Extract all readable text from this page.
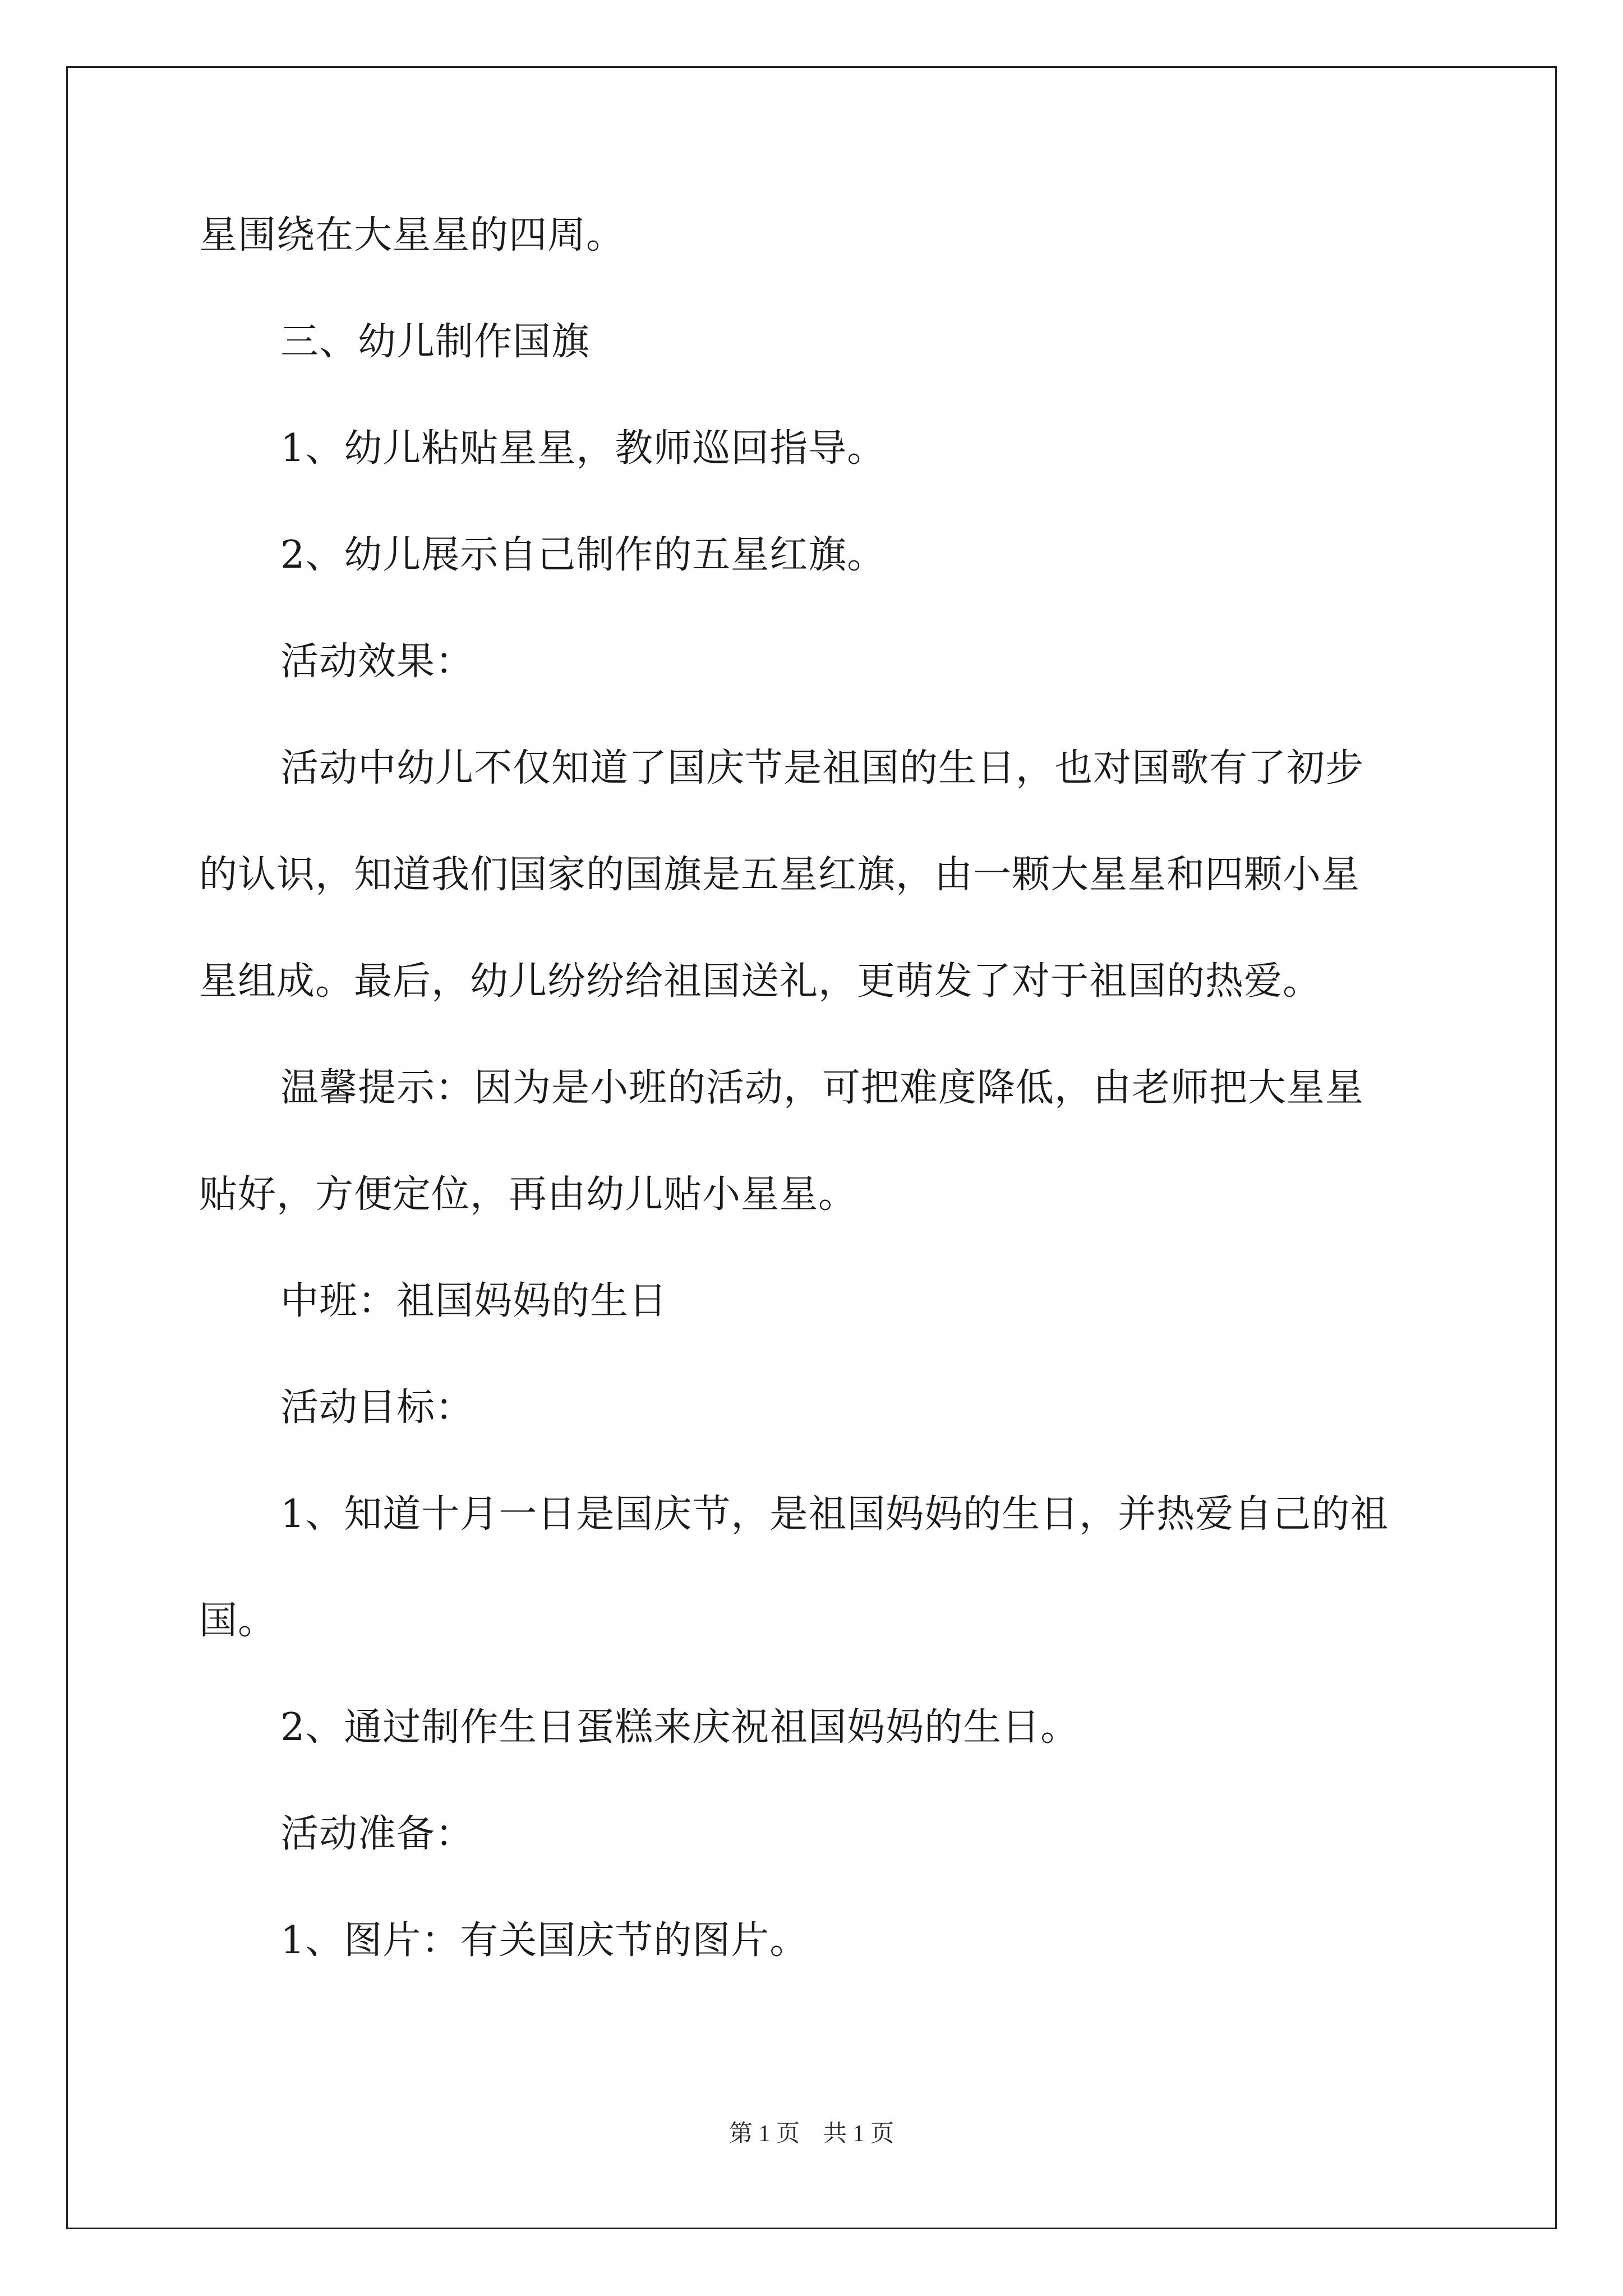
星围绕在大星星的四周。
三、幼儿制作国旗
1、幼儿粘贴星星，教师巡回指导。
2、幼儿展示自己制作的五星红旗。
活动效果：
活动中幼儿不仅知道了国庆节是祖国的生日，也对国歌有了初步
的认识，知道我们国家的国旗是五星红旗，由一颗大星星和四颗小星
星组成。最后，幼儿纷纷给祖国送礼，更萌发了对于祖国的热爱。
温馨提示：因为是小班的活动，可把难度降低，由老师把大星星
贴好，方便定位，再由幼儿贴小星星。
中班：祖国妈妈的生日
活动目标：
1、知道十月一日是国庆节，是祖国妈妈的生日，并热爱自己的祖
国。
2、通过制作生日蛋糕来庆祝祖国妈妈的生日。
活动准备：
1、图片：有关国庆节的图片。
第 1 页　共 1 页
